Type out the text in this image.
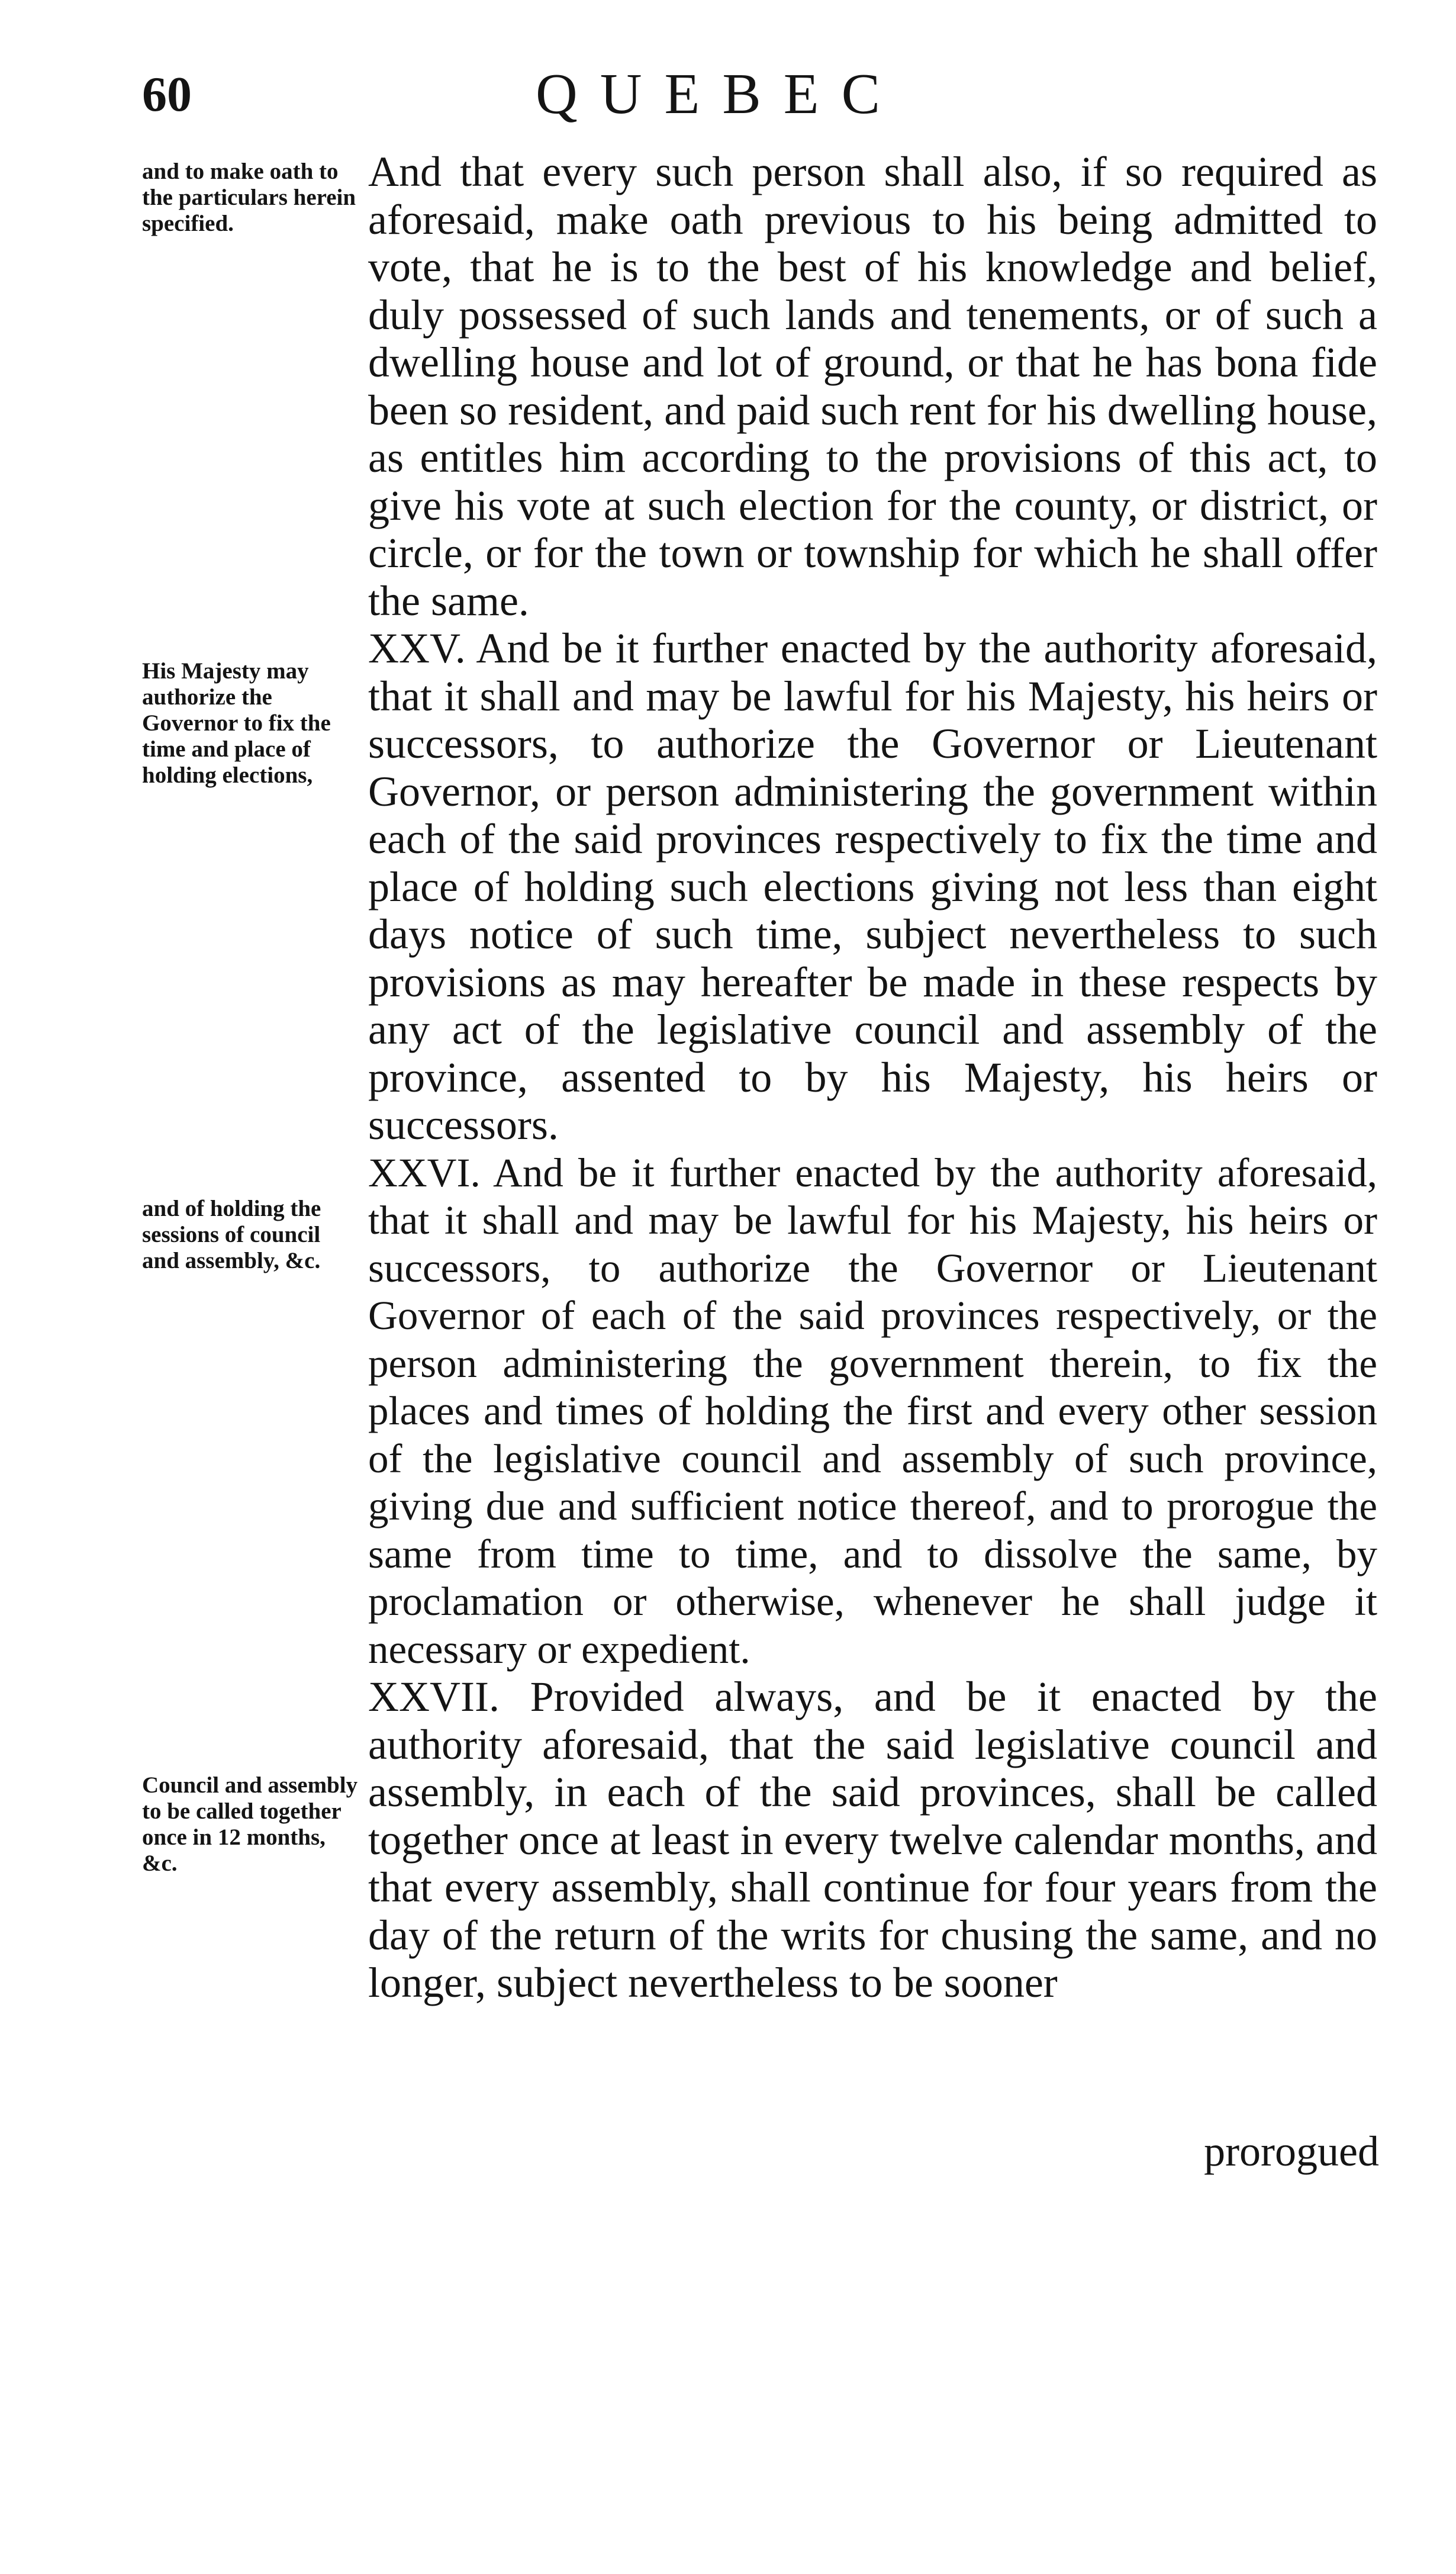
60	QUEBEC
and to make oath to the particulars herein specified.
His Majesty may authorize the Governor to fix the time and place of holding elections,
and of holding the sessions of council and assembly, &c.
Council and assembly to be called together once in 12 months, &c.

And that every such person shall also, if so required as aforesaid, make oath previous to his being admitted to vote, that he is to the best of his knowledge and belief, duly possessed of such lands and tenements, or of such a dwelling house and lot of ground, or that he has bona fide been so resident, and paid such rent for his dwelling house, as entitles him according to the provisions of this act, to give his vote at such election for the county, or district, or circle, or for the town or township for which he shall offer the same.

XXV. And be it further enacted by the authority aforesaid, that it shall and may be lawful for his Majesty, his heirs or successors, to authorize the Governor or Lieutenant Governor, or person administering the government within each of the said provinces respectively to fix the time and place of holding such elections giving not less than eight days notice of such time, subject nevertheless to such provisions as may hereafter be made in these respects by any act of the legislative council and assembly of the province, assented to by his Majesty, his heirs or successors.

XXVI. And be it further enacted by the authority aforesaid, that it shall and may be lawful for his Majesty, his heirs or successors, to authorize the Governor or Lieutenant Governor of each of the said provinces respectively, or the person administering the government therein, to fix the places and times of holding the first and every other session of the legislative council and assembly of such province, giving due and sufficient notice thereof, and to prorogue the same from time to time, and to dissolve the same, by proclamation or otherwise, whenever he shall judge it necessary or expedient.

XXVII. Provided always, and be it enacted by the authority aforesaid, that the said legislative council and assembly, in each of the said provinces, shall be called together once at least in every twelve calendar months, and that every assembly, shall continue for four years from the day of the return of the writs for chusing the same, and no longer, subject nevertheless to be sooner

prorogued
